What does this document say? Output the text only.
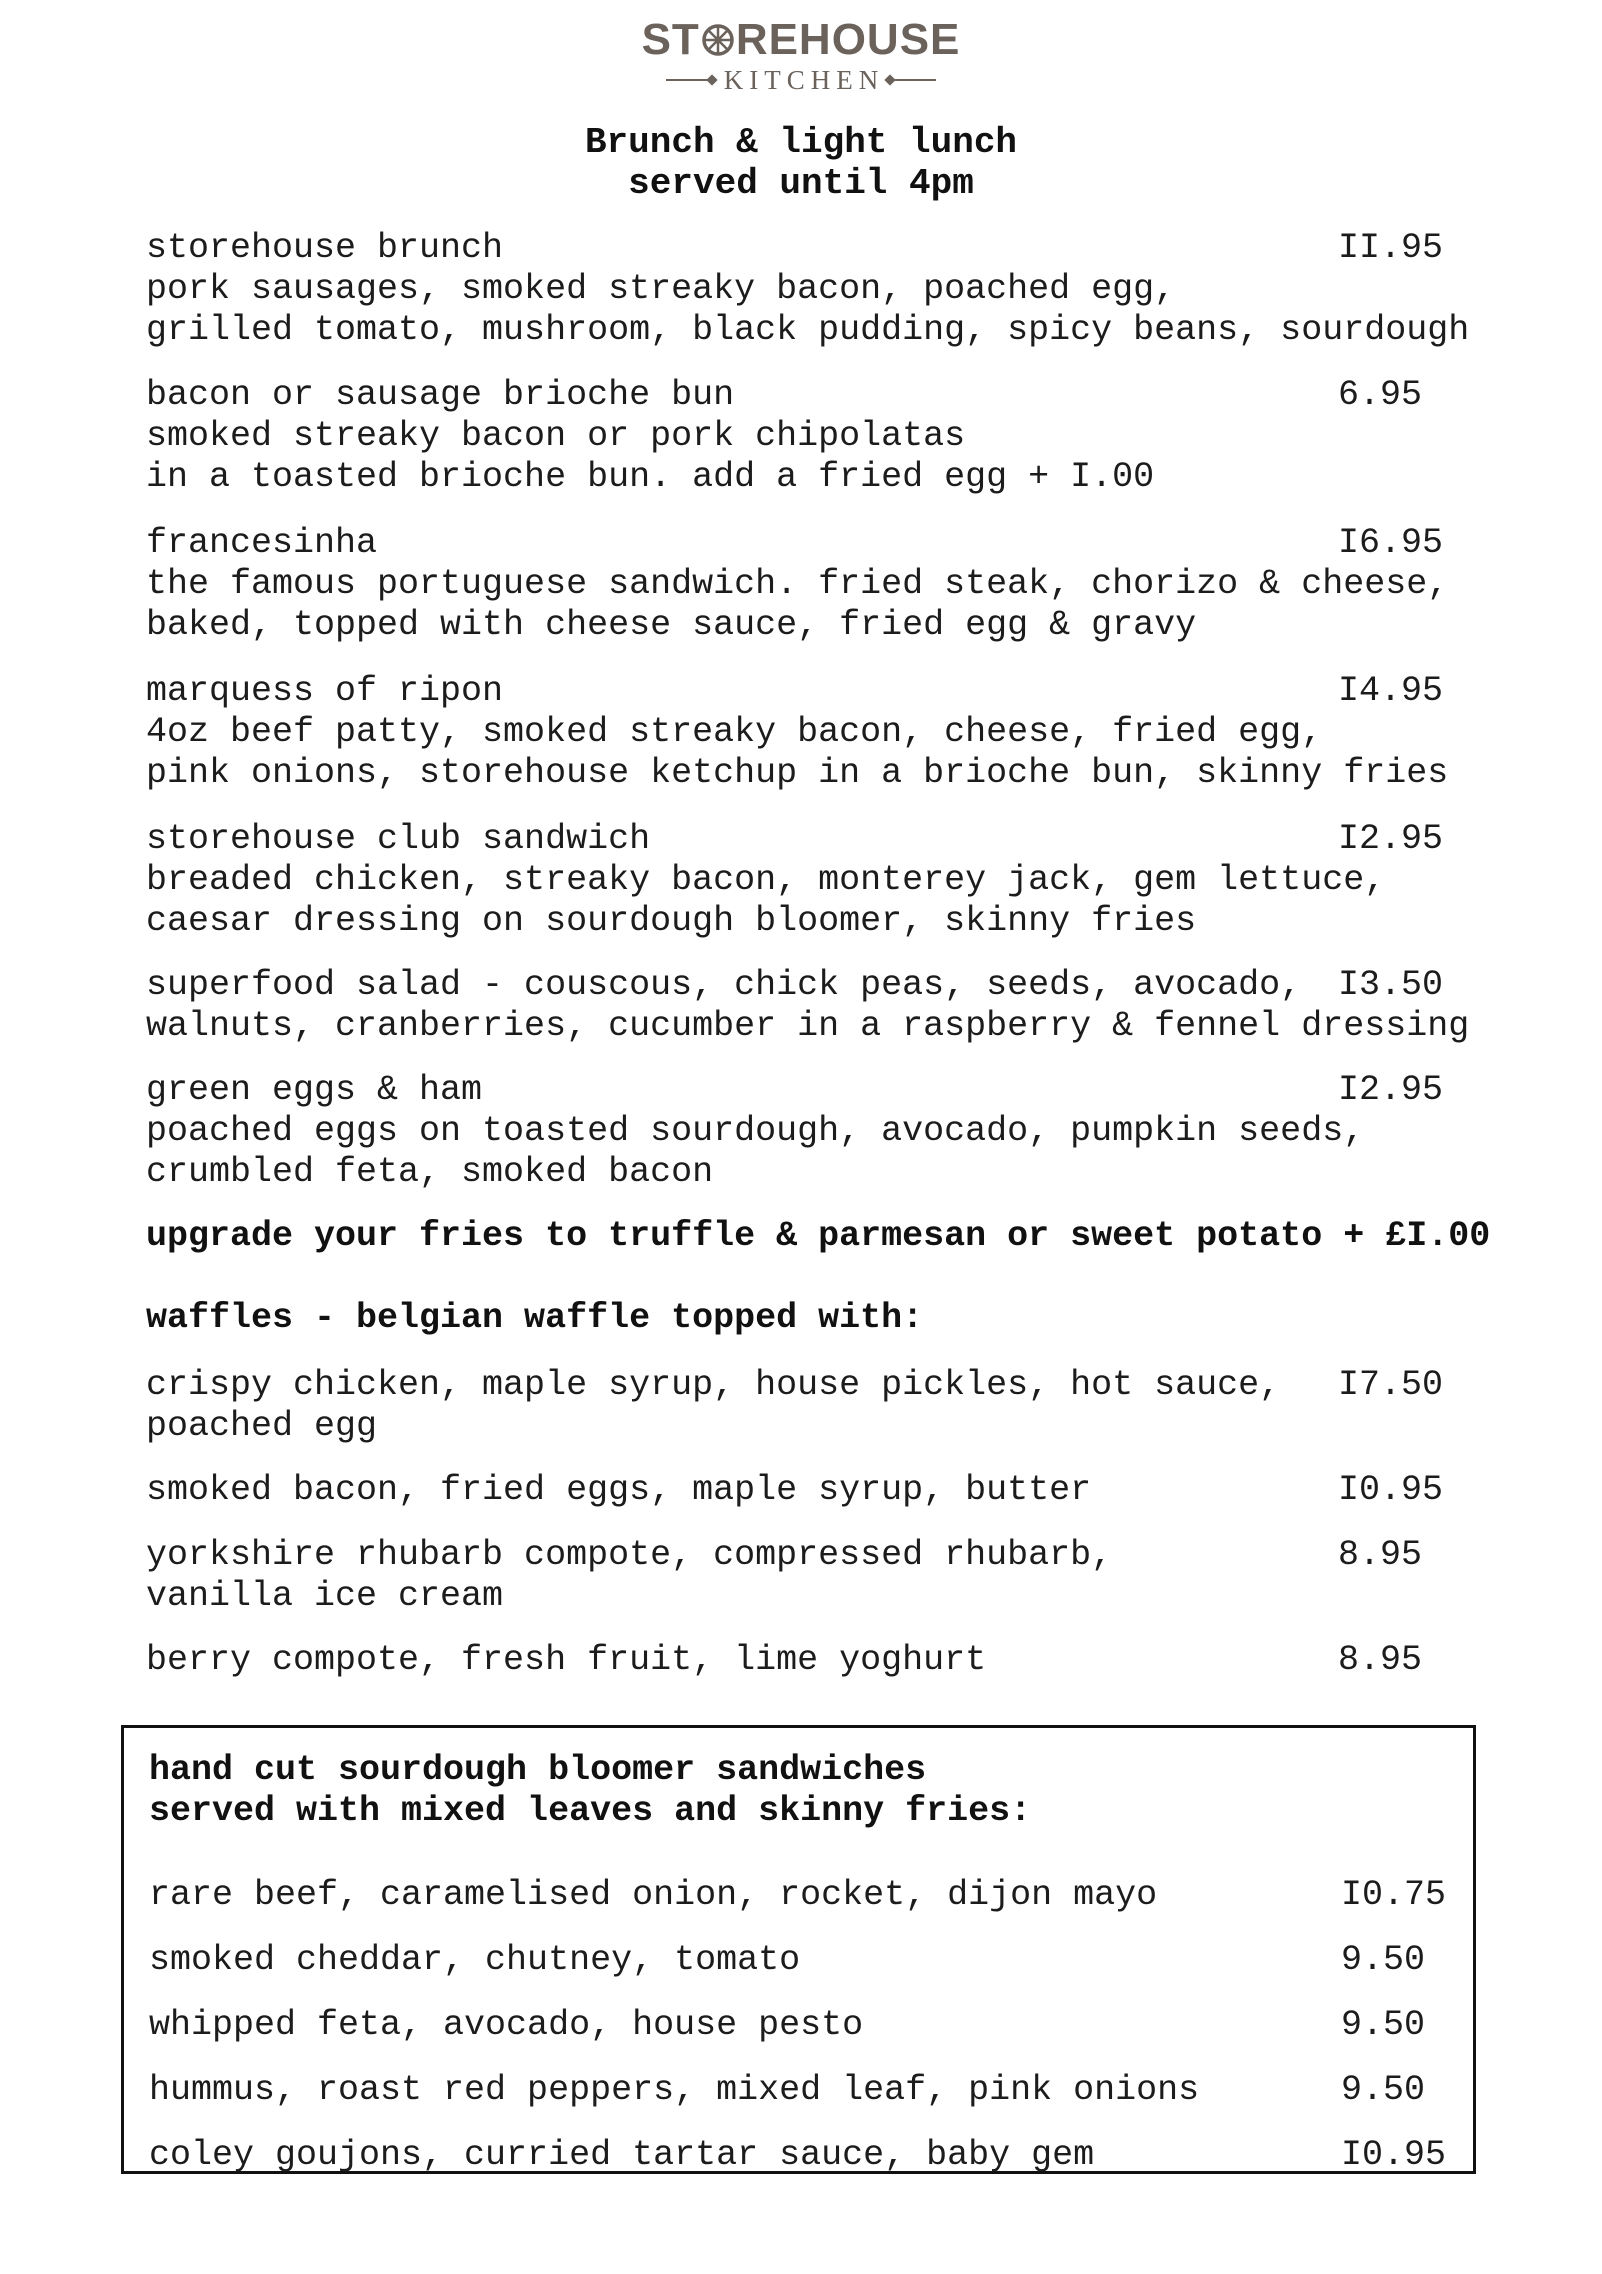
ST REHOUSE
KITCHEN
Brunch & light lunch
served until 4pm
storehouse brunch
pork sausages, smoked streaky bacon, poached egg,
grilled tomato, mushroom, black pudding, spicy beans, sourdough
II.95
bacon or sausage brioche bun
smoked streaky bacon or pork chipolatas
in a toasted brioche bun. add a fried egg + I.00
6.95
francesinha
the famous portuguese sandwich. fried steak, chorizo & cheese,
baked, topped with cheese sauce, fried egg & gravy
I6.95
marquess of ripon
4oz beef patty, smoked streaky bacon, cheese, fried egg,
pink onions, storehouse ketchup in a brioche bun, skinny fries
I4.95
storehouse club sandwich
breaded chicken, streaky bacon, monterey jack, gem lettuce,
caesar dressing on sourdough bloomer, skinny fries
I2.95
superfood salad - couscous, chick peas, seeds, avocado,
walnuts, cranberries, cucumber in a raspberry & fennel dressing
I3.50
green eggs & ham
poached eggs on toasted sourdough, avocado, pumpkin seeds,
crumbled feta, smoked bacon
I2.95
upgrade your fries to truffle & parmesan or sweet potato + £I.00
waffles - belgian waffle topped with:
crispy chicken, maple syrup, house pickles, hot sauce,
poached egg
I7.50
smoked bacon, fried eggs, maple syrup, butter	I0.95
yorkshire rhubarb compote, compressed rhubarb,
vanilla ice cream
8.95
berry compote, fresh fruit, lime yoghurt	8.95
hand cut sourdough bloomer sandwiches
served with mixed leaves and skinny fries:
rare beef, caramelised onion, rocket, dijon mayo	I0.75
smoked cheddar, chutney, tomato	9.50
whipped feta, avocado, house pesto	9.50
hummus, roast red peppers, mixed leaf, pink onions	9.50
coley goujons, curried tartar sauce, baby gem	I0.95
